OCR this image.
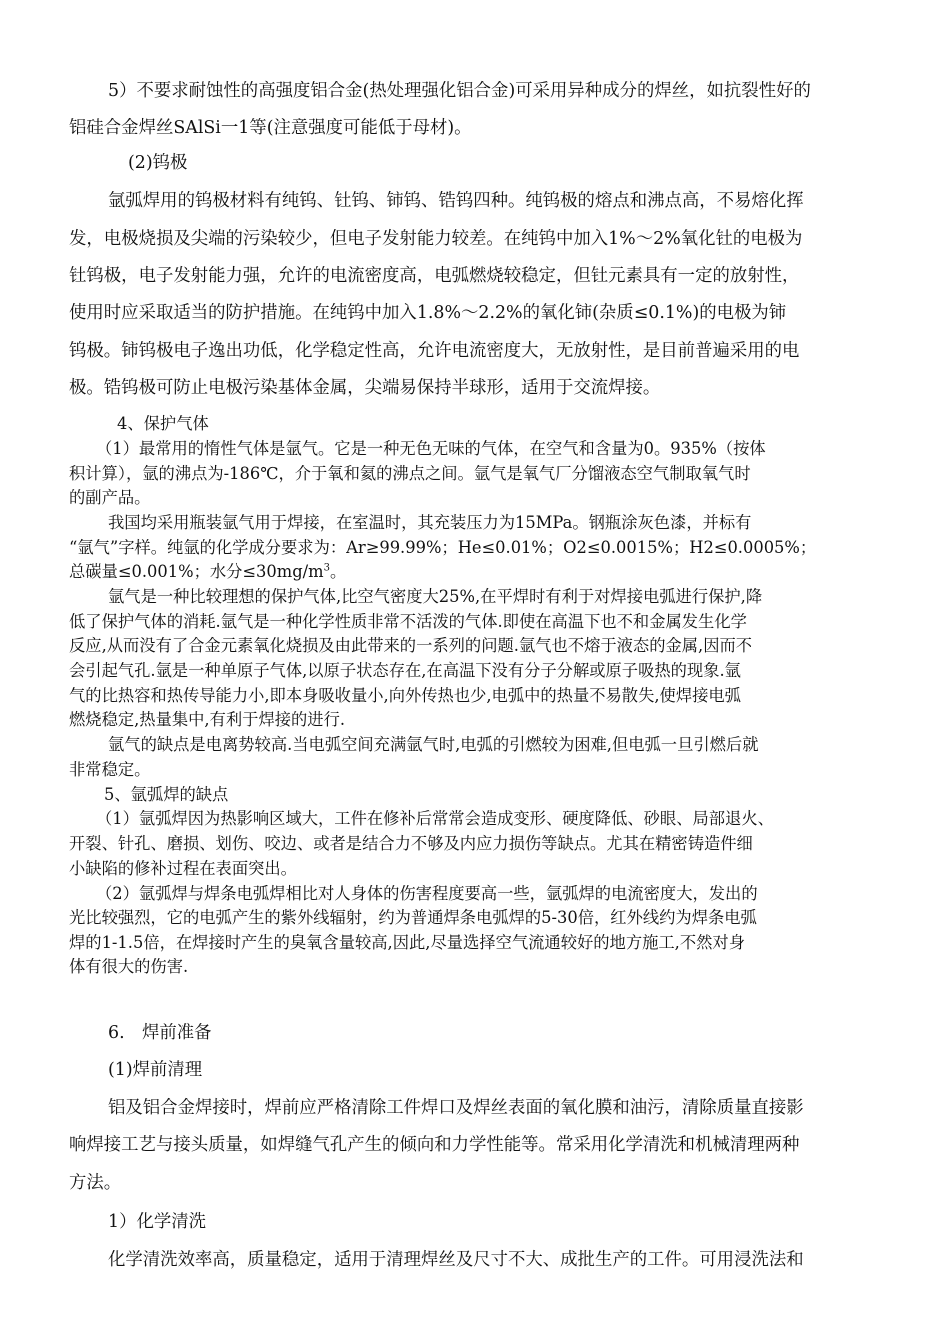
5）不要求耐蚀性的高强度铝合金(热处理强化铝合金)可采用异种成分的焊丝，如抗裂性好的

铝硅合金焊丝SAlSi一1等(注意强度可能低于母材)。

(2)钨极

氩弧焊用的钨极材料有纯钨、钍钨、铈钨、锆钨四种。纯钨极的熔点和沸点高，不易熔化挥

发，电极烧损及尖端的污染较少，但电子发射能力较差。在纯钨中加入1%～2%氧化钍的电极为

钍钨极，电子发射能力强，允许的电流密度高，电弧燃烧较稳定，但钍元素具有一定的放射性，

使用时应采取适当的防护措施。在纯钨中加入1.8%～2.2%的氧化铈(杂质≤0.1%)的电极为铈

钨极。铈钨极电子逸出功低，化学稳定性高，允许电流密度大，无放射性，是目前普遍采用的电

极。锆钨极可防止电极污染基体金属，尖端易保持半球形，适用于交流焊接。

4、保护气体

（1）最常用的惰性气体是氩气。它是一种无色无味的气体，在空气和含量为0。935%（按体

积计算），氩的沸点为-186℃，介于氧和氦的沸点之间。氩气是氧气厂分馏液态空气制取氧气时

的副产品。

我国均采用瓶装氩气用于焊接，在室温时，其充装压力为15MPa。钢瓶涂灰色漆，并标有

“氩气”字样。纯氩的化学成分要求为：Ar≥99.99%；He≤0.01%；O2≤0.0015%；H2≤0.0005%；

总碳量≤0.001%；水分$\le 30mg/m^3$。

氩气是一种比较理想的保护气体,比空气密度大25%,在平焊时有利于对焊接电弧进行保护,降

低了保护气体的消耗.氩气是一种化学性质非常不活泼的气体.即使在高温下也不和金属发生化学

反应,从而没有了合金元素氧化烧损及由此带来的一系列的问题.氩气也不熔于液态的金属,因而不

会引起气孔.氩是一种单原子气体,以原子状态存在,在高温下没有分子分解或原子吸热的现象.氩

气的比热容和热传导能力小,即本身吸收量小,向外传热也少,电弧中的热量不易散失,使焊接电弧

燃烧稳定,热量集中,有利于焊接的进行.

氩气的缺点是电离势较高.当电弧空间充满氩气时,电弧的引燃较为困难,但电弧一旦引燃后就

非常稳定。

5、氩弧焊的缺点

（1）氩弧焊因为热影响区域大，工件在修补后常常会造成变形、硬度降低、砂眼、局部退火、

开裂、针孔、磨损、划伤、咬边、或者是结合力不够及内应力损伤等缺点。尤其在精密铸造件细

小缺陷的修补过程在表面突出。

（2）氩弧焊与焊条电弧焊相比对人身体的伤害程度要高一些，氩弧焊的电流密度大，发出的

光比较强烈，它的电弧产生的紫外线辐射，约为普通焊条电弧焊的5-30倍，红外线约为焊条电弧

焊的1-1.5倍，在焊接时产生的臭氧含量较高,因此,尽量选择空气流通较好的地方施工,不然对身

体有很大的伤害.

6.　焊前准备

(1)焊前清理

铝及铝合金焊接时，焊前应严格清除工件焊口及焊丝表面的氧化膜和油污，清除质量直接影

响焊接工艺与接头质量，如焊缝气孔产生的倾向和力学性能等。常采用化学清洗和机械清理两种

方法。

1）化学清洗

化学清洗效率高，质量稳定，适用于清理焊丝及尺寸不大、成批生产的工件。可用浸洗法和
